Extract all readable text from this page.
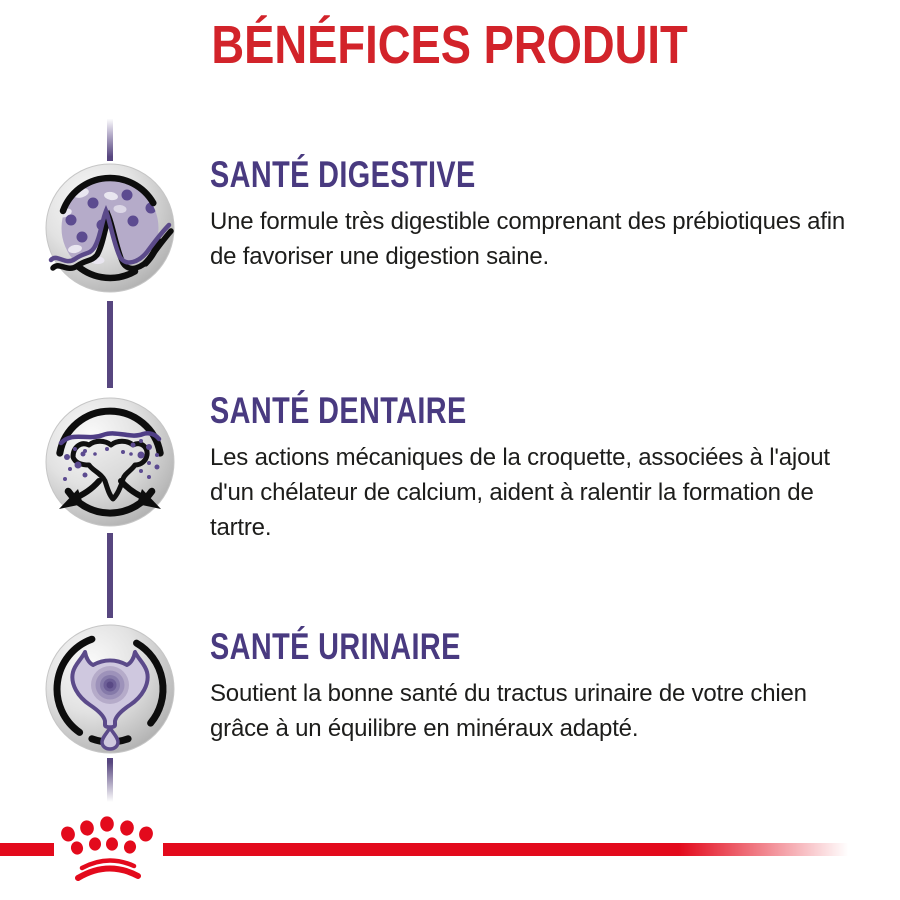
BÉNÉFICES PRODUIT
SANTÉ DIGESTIVE

Une formule très digestible comprenant des prébiotiques afin de favoriser une digestion saine.

SANTÉ DENTAIRE

Les actions mécaniques de la croquette, associées à l'ajout d'un chélateur de calcium, aident à ralentir la formation de tartre.

SANTÉ URINAIRE

Soutient la bonne santé du tractus urinaire de votre chien grâce à un équilibre en minéraux adapté.
